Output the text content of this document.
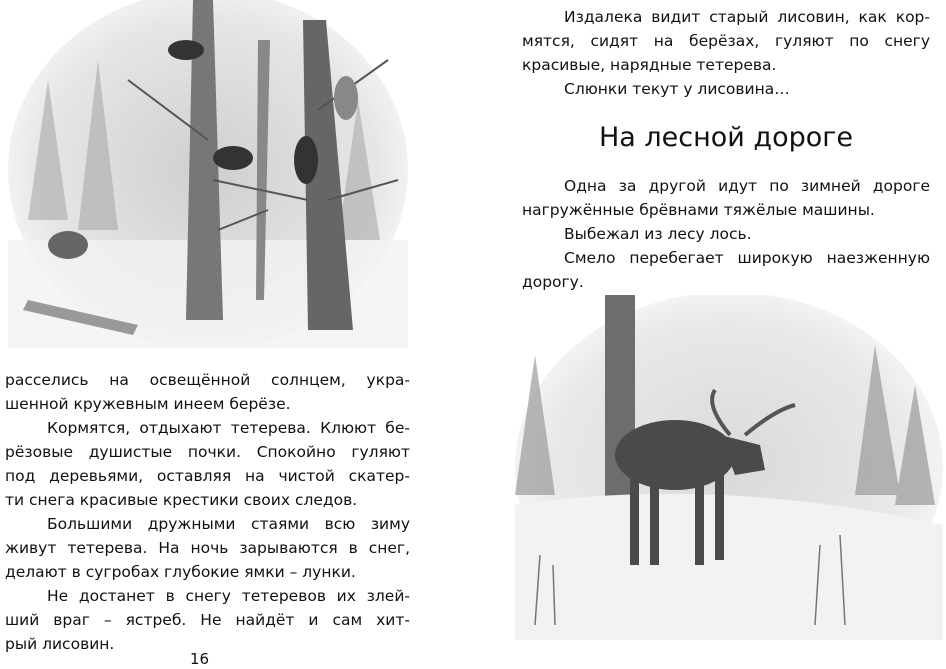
расселись на освещённой солнцем, укра-
шенной кружевным инеем берёзе.
Кормятся, отдыхают тетерева. Клюют бе-
рёзовые душистые почки. Спокойно гуляют
под деревьями, оставляя на чистой скатер-
ти снега красивые крестики своих следов.
Большими дружными стаями всю зиму
живут тетерева. На ночь зарываются в снег,
делают в сугробах глубокие ямки – лунки.
Не достанет в снегу тетеревов их злей-
ший враг – ястреб. Не найдёт и сам хит-
рый лисовин.
16
Издалека видит старый лисовин, как кор-
мятся, сидят на берёзах, гуляют по снегу
красивые, нарядные тетерева.
Слюнки текут у лисовина…
На лесной дороге
Одна за другой идут по зимней дороге
нагружённые брёвнами тяжёлые машины.
Выбежал из лесу лось.
Смело перебегает широкую наезженную
дорогу.
